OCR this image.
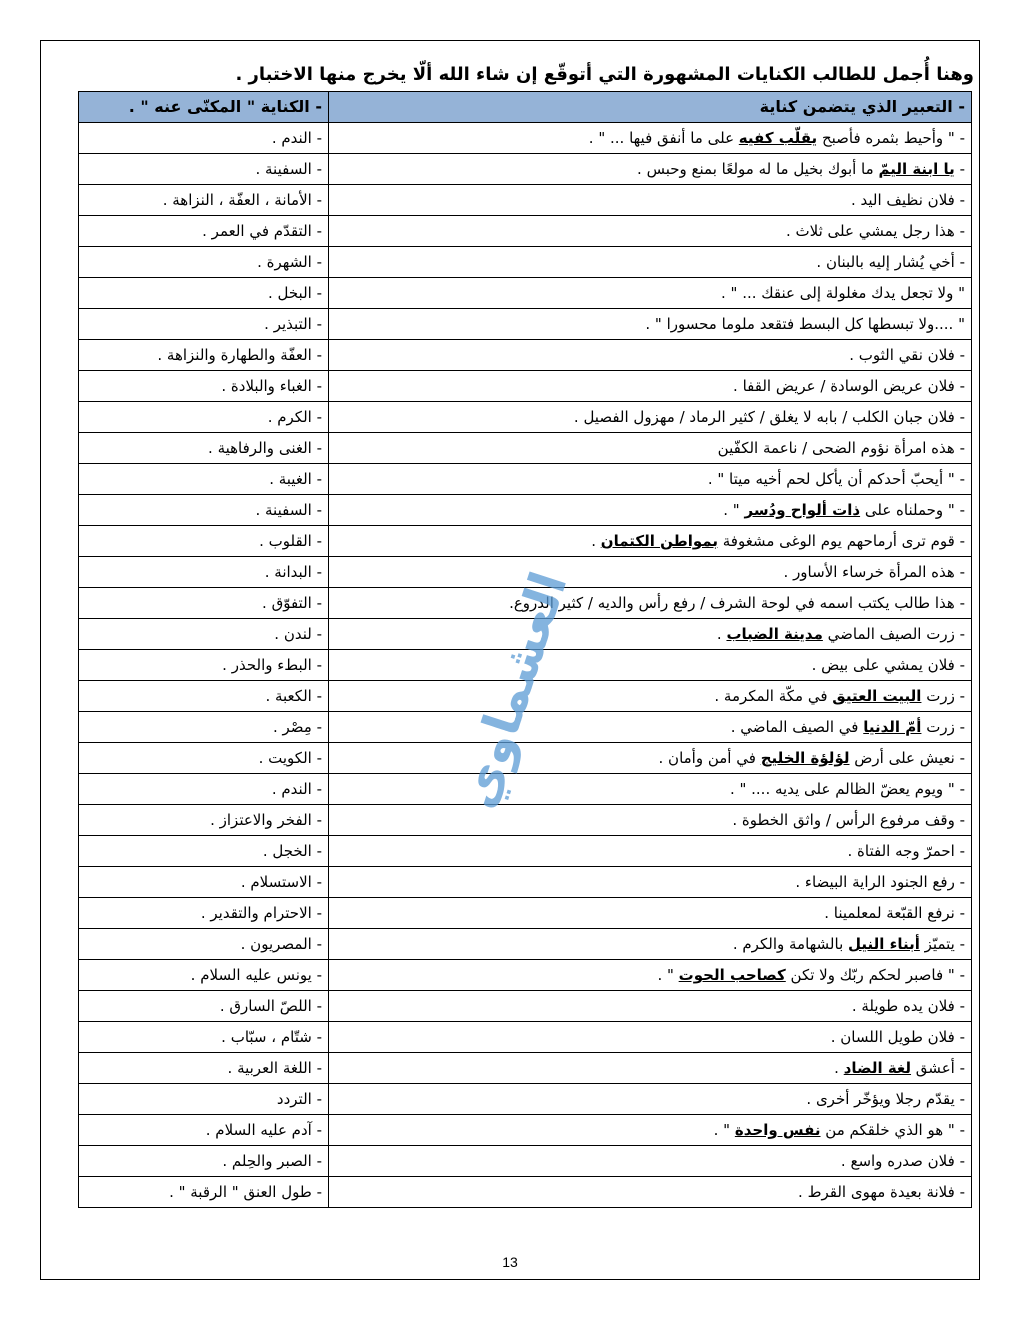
وهنا أُجمل للطالب الكنايات المشهورة التي أتوقّع إن شاء الله ألّا يخرج منها الاختبار .
- التعبير الذي يتضمن كناية	- الكناية " المكنّى عنه " .
- " وأحيط بثمره فأصبح يقلّب كفيه على ما أنفق فيها ... " .	- الندم .
- يا ابنة اليمّ ما أبوك بخيل ما له مولعًا بمنع وحبس .	- السفينة .
- فلان نظيف اليد .	- الأمانة ، العفّة ، النزاهة .
- هذا رجل يمشي على ثلاث .	- التقدّم في العمر .
- أخي يُشار إليه بالبنان .	- الشهرة .
" ولا تجعل يدك مغلولة إلى عنقك ... " .	- البخل .
" ....ولا تبسطها كل البسط فتقعد ملوما محسورا " .	- التبذير .
- فلان نقي الثوب .	- العفّة والطهارة والنزاهة .
- فلان عريض الوسادة / عريض القفا .	- الغباء والبلادة .
- فلان جبان الكلب / بابه لا يغلق / كثير الرماد / مهزول الفصيل .	- الكرم .
- هذه امرأة نؤوم الضحى / ناعمة الكفّين	- الغنى والرفاهية .
- " أيحبّ أحدكم أن يأكل لحم أخيه ميتا " .	- الغيبة .
- " وحملناه على ذات ألواح ودُسر " .	- السفينة .
- قوم ترى أرماحهم يوم الوغى مشغوفة بمواطن الكتمان .	- القلوب .
- هذه المرأة خرساء الأساور .	- البدانة .
- هذا طالب يكتب اسمه في لوحة الشرف / رفع رأس والديه / كثير الدروع.	- التفوّق .
- زرت الصيف الماضي مدينة الضباب .	- لندن .
- فلان يمشي على بيض .	- البطء والحذر .
- زرت البيت العتيق في مكّة المكرمة .	- الكعبة .
- زرت أمّ الدنيا في الصيف الماضي .	- مِصْر .
- نعيش على أرض لؤلؤة الخليج في أمن وأمان .	- الكويت .
- " ويوم يعضّ الظالم على يديه .... " .	- الندم .
- وقف مرفوع الرأس / واثق الخطوة .	- الفخر والاعتزاز .
- احمرّ وجه الفتاة .	- الخجل .
- رفع الجنود الراية البيضاء .	- الاستسلام .
- نرفع القبّعة لمعلمينا .	- الاحترام والتقدير .
- يتميّز أبناء النيل بالشهامة والكرم .	- المصريون .
- " فاصبر لحكم ربّك ولا تكن كصاحب الحوت " .	- يونس عليه السلام .
- فلان يده طويلة .	- اللصّ السارق .
- فلان طويل اللسان .	- شتّام ، سبّاب .
- أعشق لغة الضاد .	- اللغة العربية .
- يقدّم رجلا ويؤخّر أخرى .	- التردد
- " هو الذي خلقكم من نفس واحدة " .	- آدم عليه السلام .
- فلان صدره واسع .	- الصبر والحِلم .
- فلانة بعيدة مهوى القرط .	- طول العنق " الرقبة " .
العشماوي
13
